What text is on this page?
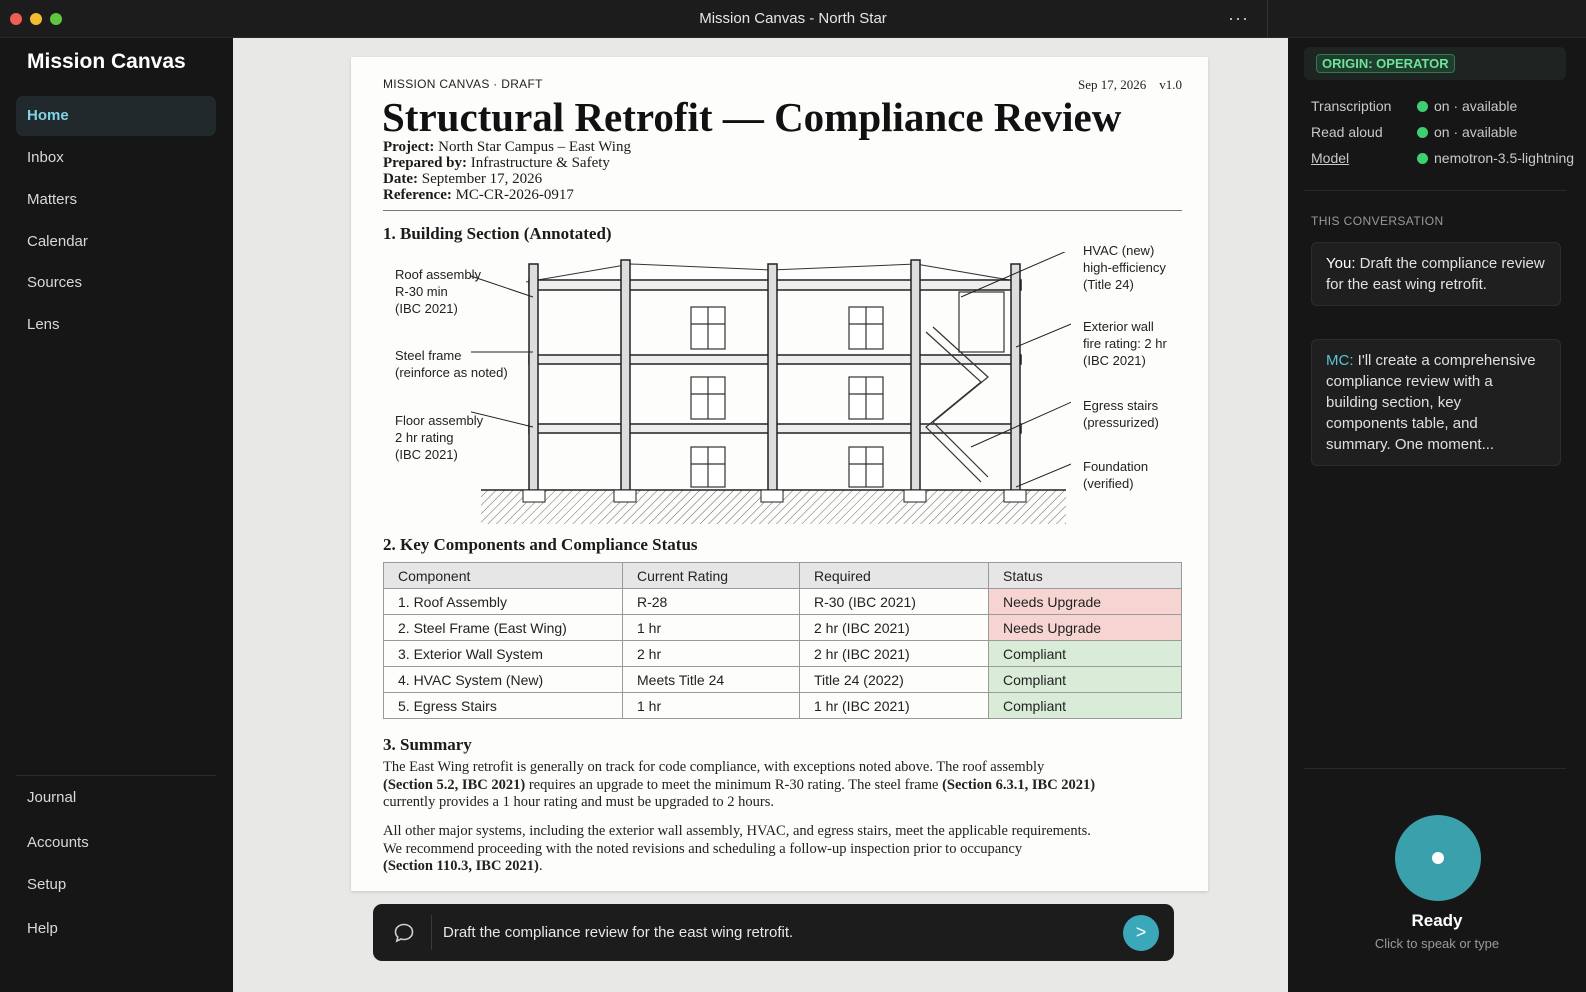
Mission Canvas - North Star	···
Mission Canvas
Home
Inbox
Matters
Calendar
Sources
Lens
Journal
Accounts
Setup
Help
MISSION CANVAS · DRAFT	Sep 17, 2026 v1.0
Structural Retrofit — Compliance Review
Project: North Star Campus – East Wing
Prepared by: Infrastructure & Safety
Date: September 17, 2026
Reference: MC-CR-2026-0917
1. Building Section (Annotated)
Roof assembly
R-30 min
(IBC 2021)
Steel frame
(reinforce as noted)
Floor assembly
2 hr rating
(IBC 2021)
HVAC (new)
high-efficiency
(Title 24)
Exterior wall
fire rating: 2 hr
(IBC 2021)
Egress stairs
(pressurized)
Foundation
(verified)
2. Key Components and Compliance Status
Component	Current Rating	Required	Status
1. Roof Assembly	R-28	R-30 (IBC 2021)	Needs Upgrade
2. Steel Frame (East Wing)	1 hr	2 hr (IBC 2021)	Needs Upgrade
3. Exterior Wall System	2 hr	2 hr (IBC 2021)	Compliant
4. HVAC System (New)	Meets Title 24	Title 24 (2022)	Compliant
5. Egress Stairs	1 hr	1 hr (IBC 2021)	Compliant
3. Summary
The East Wing retrofit is generally on track for code compliance, with exceptions noted above. The roof assembly
(Section 5.2, IBC 2021) requires an upgrade to meet the minimum R-30 rating. The steel frame (Section 6.3.1, IBC 2021)
currently provides a 1 hour rating and must be upgraded to 2 hours.
All other major systems, including the exterior wall assembly, HVAC, and egress stairs, meet the applicable requirements.
We recommend proceeding with the noted revisions and scheduling a follow-up inspection prior to occupancy
(Section 110.3, IBC 2021).
Draft the compliance review for the east wing retrofit.
>
ORIGIN: OPERATOR
Transcription	on · available
Read aloud	on · available
Model	nemotron-3.5-lightning
THIS CONVERSATION
You: Draft the compliance review for the east wing retrofit.
MC: I'll create a comprehensive compliance review with a building section, key components table, and summary. One moment...
Ready
Click to speak or type
